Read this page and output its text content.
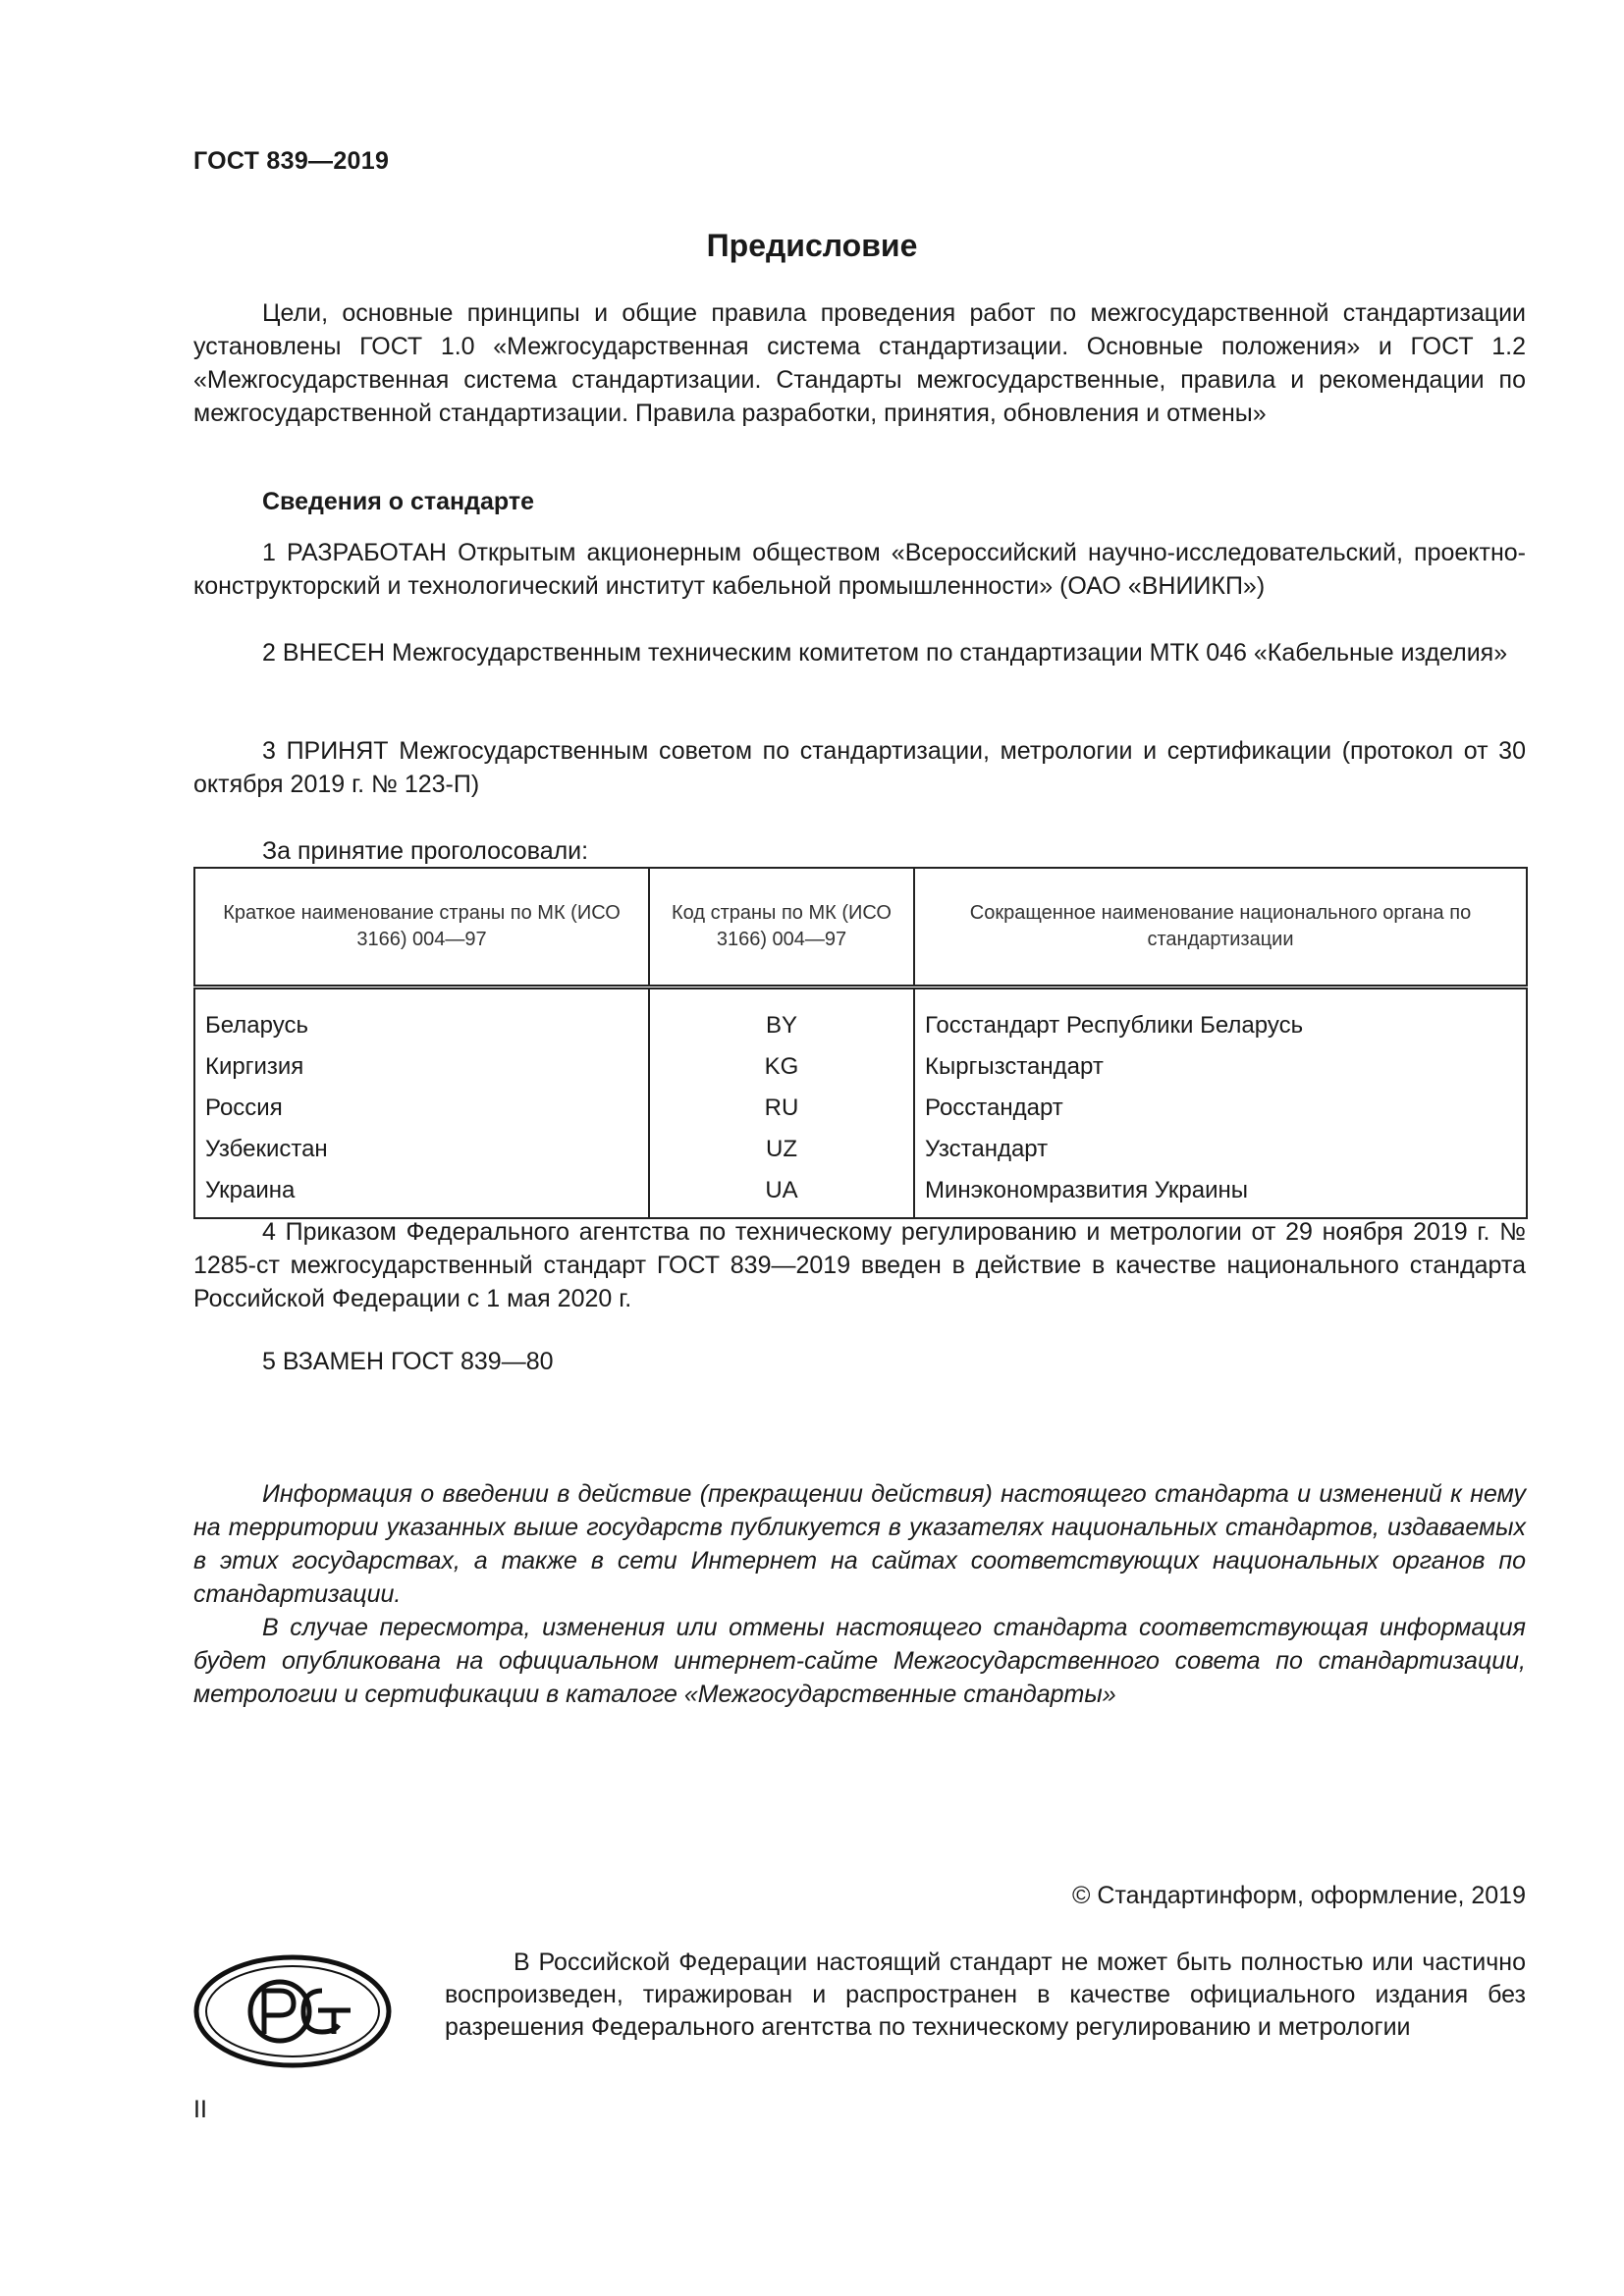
ГОСТ 839—2019
Предисловие

Цели, основные принципы и общие правила проведения работ по межгосударственной стандартизации установлены ГОСТ 1.0 «Межгосударственная система стандартизации. Основные положения» и ГОСТ 1.2 «Межгосударственная система стандартизации. Стандарты межгосударственные, правила и рекомендации по межгосударственной стандартизации. Правила разработки, принятия, обновления и отмены»

Сведения о стандарте

1 РАЗРАБОТАН Открытым акционерным обществом «Всероссийский научно-исследовательский, проектно-конструкторский и технологический институт кабельной промышленности» (ОАО «ВНИИКП»)

2 ВНЕСЕН Межгосударственным техническим комитетом по стандартизации МТК 046 «Кабельные изделия»

3 ПРИНЯТ Межгосударственным советом по стандартизации, метрологии и сертификации (протокол от 30 октября 2019 г. № 123-П)

За принятие проголосовали:
Краткое наименование страны по МК (ИСО 3166) 004—97	Код страны по МК (ИСО 3166) 004—97	Сокращенное наименование национального органа по стандартизации
Беларусь	BY	Госстандарт Республики Беларусь
Киргизия	KG	Кыргызстандарт
Россия	RU	Росстандарт
Узбекистан	UZ	Узстандарт
Украина	UA	Минэкономразвития Украины

4 Приказом Федерального агентства по техническому регулированию и метрологии от 29 ноября 2019 г. № 1285-ст межгосударственный стандарт ГОСТ 839—2019 введен в действие в качестве национального стандарта Российской Федерации с 1 мая 2020 г.

5 ВЗАМЕН ГОСТ 839—80

Информация о введении в действие (прекращении действия) настоящего стандарта и изменений к нему на территории указанных выше государств публикуется в указателях национальных стандартов, издаваемых в этих государствах, а также в сети Интернет на сайтах соответствующих национальных органов по стандартизации.

В случае пересмотра, изменения или отмены настоящего стандарта соответствующая информация будет опубликована на официальном интернет-сайте Межгосударственного совета по стандартизации, метрологии и сертификации в каталоге «Межгосударственные стандарты»

© Стандартинформ, оформление, 2019

В Российской Федерации настоящий стандарт не может быть полностью или частично воспроизведен, тиражирован и распространен в качестве официального издания без разрешения Федерального агентства по техническому регулированию и метрологии

II
